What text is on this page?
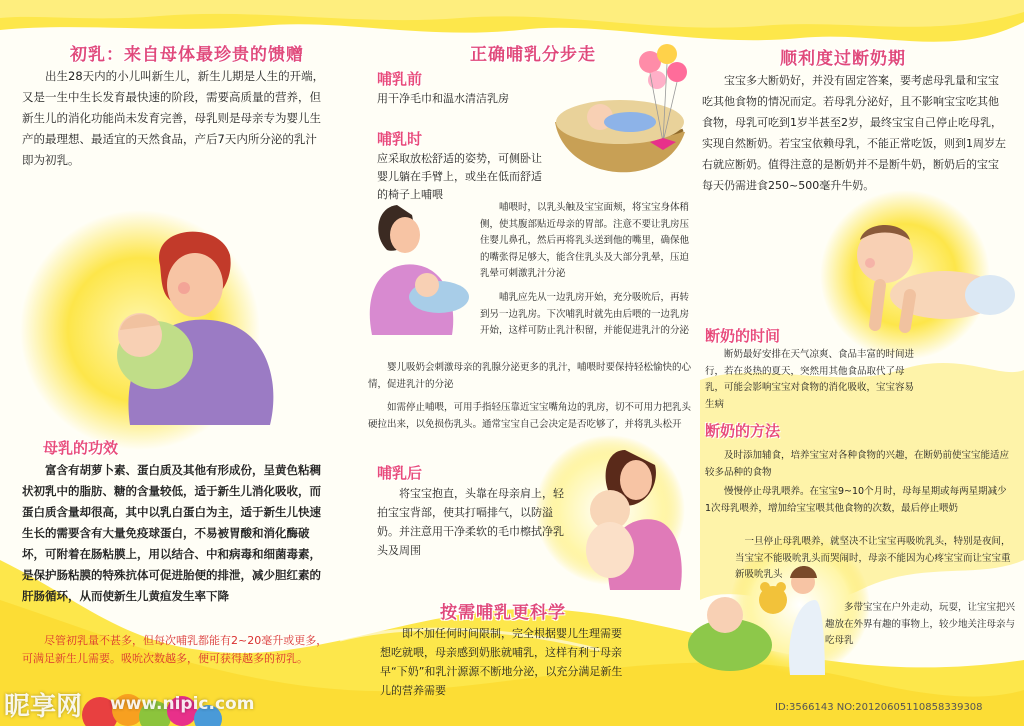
初乳：来自母体最珍贵的馈赠
出生28天内的小儿叫新生儿，新生儿期是人生的开端，又是一生中生长发育最快速的阶段，需要高质量的营养，但新生儿的消化功能尚未发育完善，母乳则是母亲专为婴儿生产的最理想、最适宜的天然食品，产后7天内所分泌的乳汁即为初乳。
母乳的功效
富含有胡萝卜素、蛋白质及其他有形成份，呈黄色粘稠状初乳中的脂肪、糖的含量较低，适于新生儿消化吸收，而蛋白质含量却很高，其中以乳白蛋白为主，适于新生儿快速生长的需要含有大量免疫球蛋白，不易被胃酸和消化酶破坏，可附着在肠粘膜上，用以结合、中和病毒和细菌毒素，是保护肠粘膜的特殊抗体可促进胎便的排泄，减少胆红素的肝肠循环，从而使新生儿黄疸发生率下降
尽管初乳量不甚多，但每次哺乳都能有2~20毫升或更多，可满足新生儿需要。吸吮次数越多，便可获得越多的初乳。
正确哺乳分步走
哺乳前
用干净毛巾和温水清洁乳房
哺乳时
应采取放松舒适的姿势，可侧卧让婴儿躺在手臂上，或坐在低而舒适的椅子上哺喂
哺喂时，以乳头触及宝宝面颊，将宝宝身体稍侧，使其腹部贴近母亲的胃部。注意不要让乳房压住婴儿鼻孔，然后再将乳头送到他的嘴里，确保他的嘴张得足够大，能含住乳头及大部分乳晕，压迫乳晕可刺激乳汁分泌
哺乳应先从一边乳房开始，充分吸吮后，再转到另一边乳房。下次哺乳时就先由后喂的一边乳房开始，这样可防止乳汁积留，并能促进乳汁的分泌
婴儿吸奶会刺激母亲的乳腺分泌更多的乳汁，哺喂时要保持轻松愉快的心情，促进乳汁的分泌
如需停止哺喂，可用手指轻压靠近宝宝嘴角边的乳房，切不可用力把乳头硬拉出来，以免损伤乳头。通常宝宝自己会决定是否吃够了，并将乳头松开
哺乳后
将宝宝抱直，头靠在母亲肩上，轻拍宝宝背部，使其打嗝排气，以防溢奶。并注意用干净柔软的毛巾檫拭净乳头及周围
按需哺乳更科学
即不加任何时间限制，完全根据婴儿生理需要想吃就喂，母亲感到奶胀就哺乳，这样有利于母亲早“下奶”和乳汁源源不断地分泌，以充分满足新生儿的营养需要
顺利度过断奶期
宝宝多大断奶好，并没有固定答案，要考虑母乳量和宝宝吃其他食物的情况而定。若母乳分泌好，且不影响宝宝吃其他食物，母乳可吃到1岁半甚至2岁，最终宝宝自己停止吃母乳，实现自然断奶。若宝宝依赖母乳，不能正常吃饭，则到1周岁左右就应断奶。值得注意的是断奶并不是断牛奶，断奶后的宝宝每天仍需进食250~500毫升牛奶。
断奶的时间
断奶最好安排在天气凉爽、食品丰富的时间进行，若在炎热的夏天，突然用其他食品取代了母乳，可能会影响宝宝对食物的消化吸收，宝宝容易生病
断奶的方法
及时添加辅食，培养宝宝对各种食物的兴趣，在断奶前使宝宝能适应较多品种的食物
慢慢停止母乳喂养。在宝宝9~10个月时，母每星期或每两星期减少1次母乳喂养，增加给宝宝喂其他食物的次数，最后停止喂奶
一旦停止母乳喂养，就坚决不让宝宝再吸吮乳头，特别是夜间，当宝宝不能吸吮乳头而哭闹时，母亲不能因为心疼宝宝而让宝宝重新吸吮乳头
多带宝宝在户外走动，玩耍，让宝宝把兴趣放在外界有趣的事物上，较少地关注母亲与吃母乳
昵享网 www.nipic.com	ID:3566143 NO:20120605110858339308
